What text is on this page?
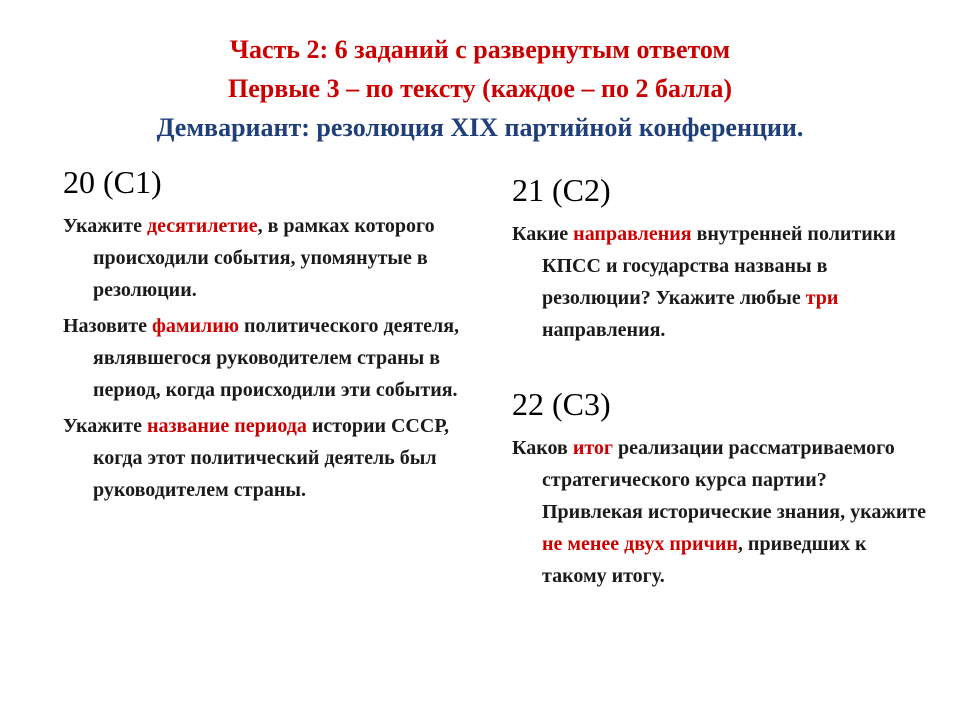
Часть 2: 6 заданий с развернутым ответом
Первые 3 – по тексту (каждое – по 2 балла)
Демвариант: резолюция XIX партийной конференции.
20 (С1)

Укажите десятилетие, в рамках которого происходили события, упомянутые в резолюции.

Назовите фамилию политического деятеля, являвшегося руководителем страны в период, когда происходили эти события.

Укажите название периода истории СССР, когда этот политический деятель был руководителем страны.

21 (С2)

Какие направления внутренней политики КПСС и государства названы в резолюции? Укажите любые три направления.

22 (С3)

Каков итог реализации рассматриваемого стратегического курса партии? Привлекая исторические знания, укажите не менее двух причин, приведших к такому итогу.
